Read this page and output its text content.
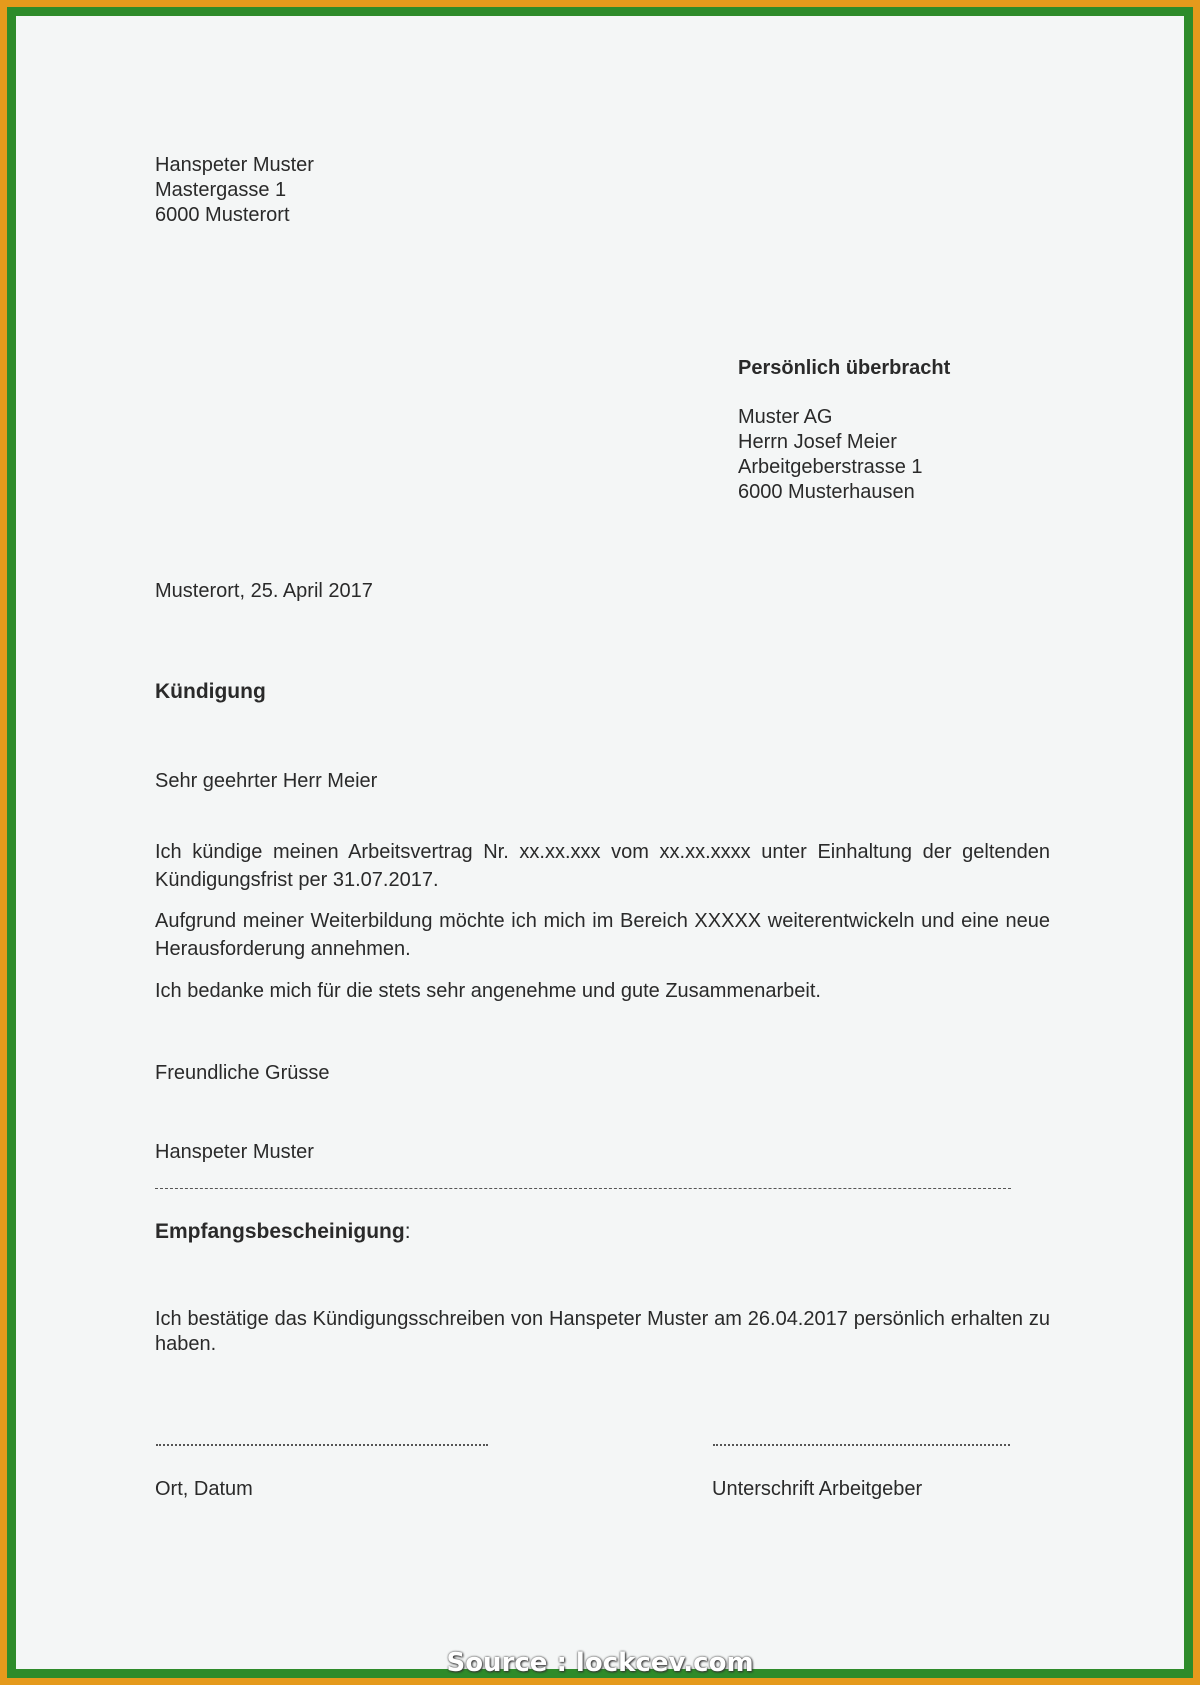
Hanspeter Muster

Mastergasse 1

6000 Musterort

Persönlich überbracht

Muster AG

Herrn Josef Meier

Arbeitgeberstrasse 1

6000 Musterhausen

Musterort, 25. April 2017

Kündigung

Sehr geehrter Herr Meier

Ich kündige meinen Arbeitsvertrag Nr. xx.xx.xxx vom xx.xx.xxxx unter Einhaltung der geltenden Kündigungsfrist per 31.07.2017.

Aufgrund meiner Weiterbildung möchte ich mich im Bereich XXXXX weiterentwickeln und eine neue Herausforderung annehmen.

Ich bedanke mich für die stets sehr angenehme und gute Zusammenarbeit.

Freundliche Grüsse

Hanspeter Muster

Empfangsbescheinigung:

Ich bestätige das Kündigungsschreiben von Hanspeter Muster am 26.04.2017 persönlich erhalten zu haben.

Ort, Datum	Unterschrift Arbeitgeber

Source : lockcev.com
